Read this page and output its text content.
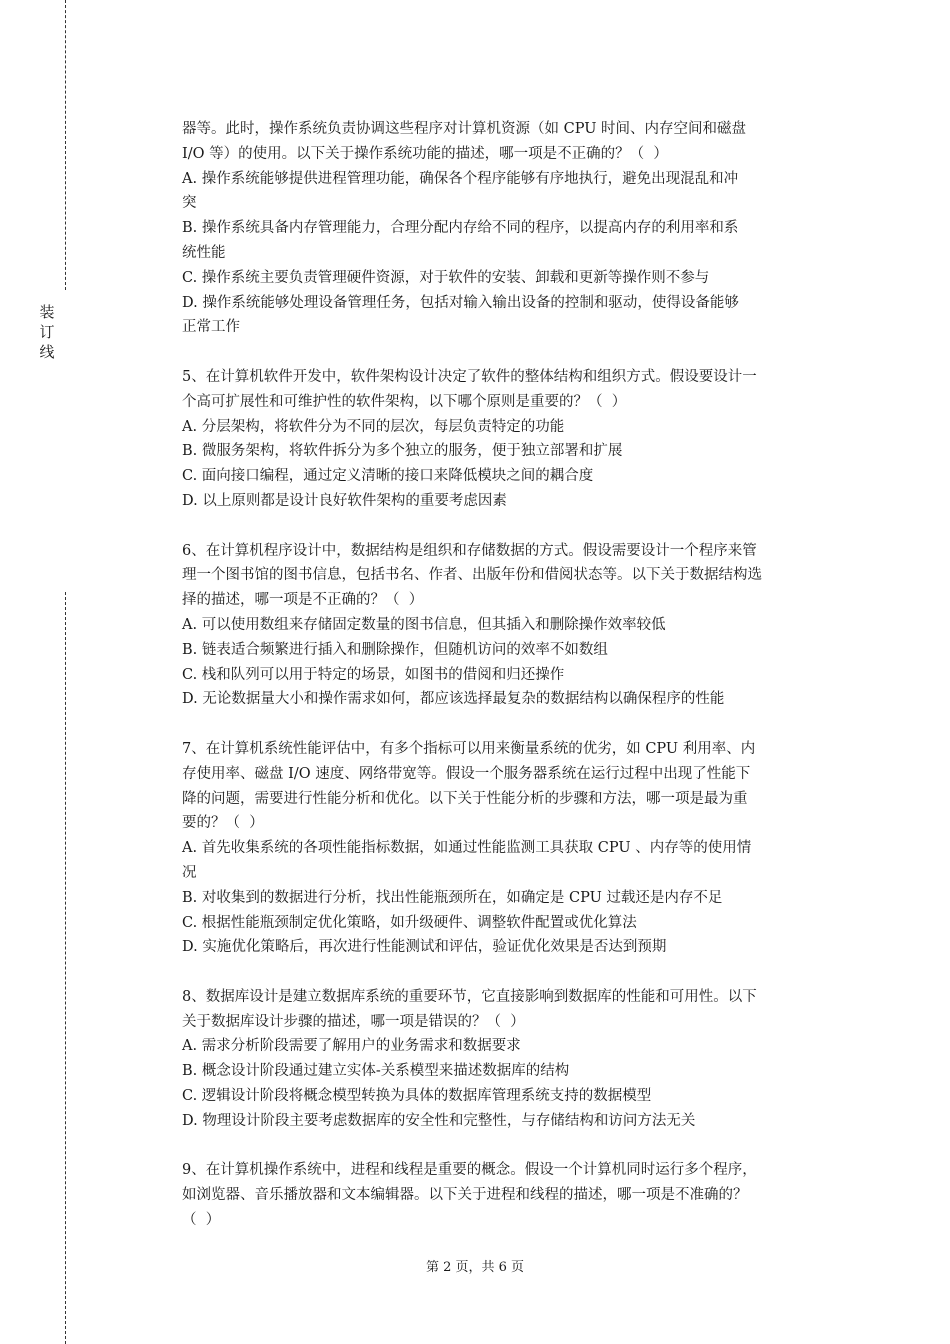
装
订
线
器等。此时，操作系统负责协调这些程序对计算机资源（如 CPU 时间、内存空间和磁盘
I/O 等）的使用。以下关于操作系统功能的描述，哪一项是不正确的？（  ）
A. 操作系统能够提供进程管理功能，确保各个程序能够有序地执行，避免出现混乱和冲
突
B. 操作系统具备内存管理能力，合理分配内存给不同的程序，以提高内存的利用率和系
统性能
C. 操作系统主要负责管理硬件资源，对于软件的安装、卸载和更新等操作则不参与
D. 操作系统能够处理设备管理任务，包括对输入输出设备的控制和驱动，使得设备能够
正常工作
5、在计算机软件开发中，软件架构设计决定了软件的整体结构和组织方式。假设要设计一
个高可扩展性和可维护性的软件架构，以下哪个原则是重要的？（  ）
A. 分层架构，将软件分为不同的层次，每层负责特定的功能
B. 微服务架构，将软件拆分为多个独立的服务，便于独立部署和扩展
C. 面向接口编程，通过定义清晰的接口来降低模块之间的耦合度
D. 以上原则都是设计良好软件架构的重要考虑因素
6、在计算机程序设计中，数据结构是组织和存储数据的方式。假设需要设计一个程序来管
理一个图书馆的图书信息，包括书名、作者、出版年份和借阅状态等。以下关于数据结构选
择的描述，哪一项是不正确的？（  ）
A. 可以使用数组来存储固定数量的图书信息，但其插入和删除操作效率较低
B. 链表适合频繁进行插入和删除操作，但随机访问的效率不如数组
C. 栈和队列可以用于特定的场景，如图书的借阅和归还操作
D. 无论数据量大小和操作需求如何，都应该选择最复杂的数据结构以确保程序的性能
7、在计算机系统性能评估中，有多个指标可以用来衡量系统的优劣，如 CPU 利用率、内
存使用率、磁盘 I/O 速度、网络带宽等。假设一个服务器系统在运行过程中出现了性能下
降的问题，需要进行性能分析和优化。以下关于性能分析的步骤和方法，哪一项是最为重
要的？（  ）
A. 首先收集系统的各项性能指标数据，如通过性能监测工具获取 CPU 、内存等的使用情
况
B. 对收集到的数据进行分析，找出性能瓶颈所在，如确定是 CPU 过载还是内存不足
C. 根据性能瓶颈制定优化策略，如升级硬件、调整软件配置或优化算法
D. 实施优化策略后，再次进行性能测试和评估，验证优化效果是否达到预期
8、数据库设计是建立数据库系统的重要环节，它直接影响到数据库的性能和可用性。以下
关于数据库设计步骤的描述，哪一项是错误的？（  ）
A. 需求分析阶段需要了解用户的业务需求和数据要求
B. 概念设计阶段通过建立实体-关系模型来描述数据库的结构
C. 逻辑设计阶段将概念模型转换为具体的数据库管理系统支持的数据模型
D. 物理设计阶段主要考虑数据库的安全性和完整性，与存储结构和访问方法无关
9、在计算机操作系统中，进程和线程是重要的概念。假设一个计算机同时运行多个程序，
如浏览器、音乐播放器和文本编辑器。以下关于进程和线程的描述，哪一项是不准确的？
（  ）
第 2 页，共 6 页
